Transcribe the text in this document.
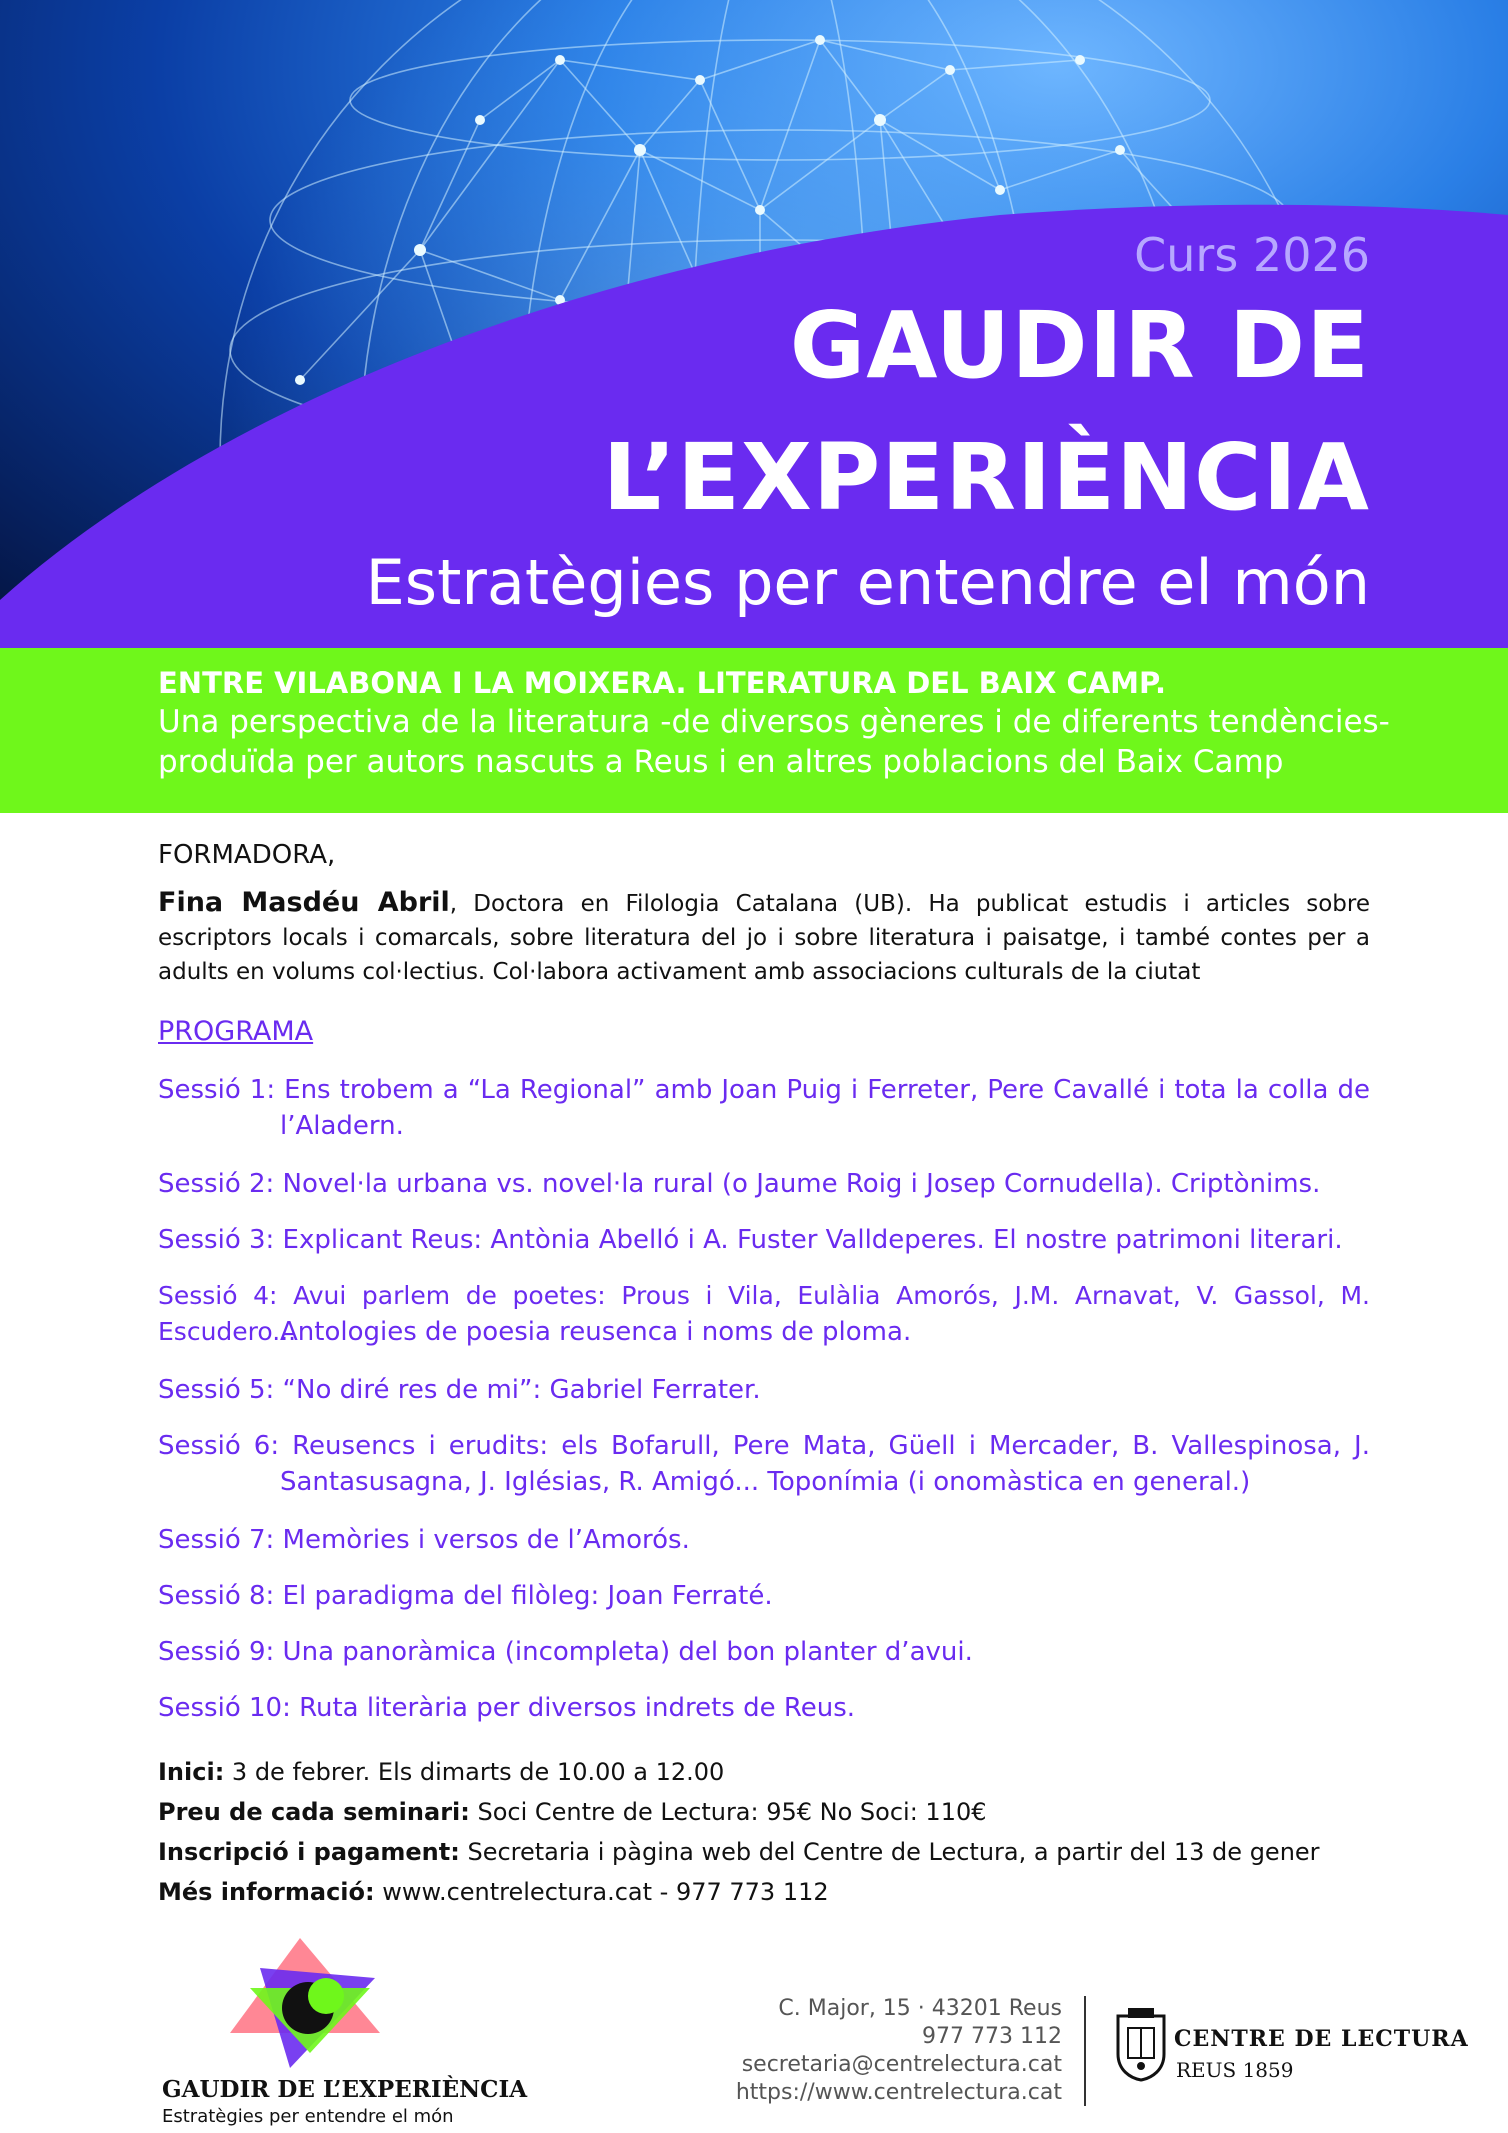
Curs 2026
GAUDIR DE
L’EXPERIÈNCIA
Estratègies per entendre el món
ENTRE VILABONA I LA MOIXERA. LITERATURA DEL BAIX CAMP.
Una perspectiva de la literatura -de diversos gèneres i de diferents tendències-
produïda per autors nascuts a Reus i en altres poblacions del Baix Camp
FORMADORA,
Fina Masdéu Abril, Doctora en Filologia Catalana (UB). Ha publicat estudis i articles sobre escriptors locals i comarcals, sobre literatura del jo i sobre literatura i paisatge, i també contes per a adults en volums col·lectius. Col·labora activament amb associacions culturals de la ciutat
PROGRAMA
Sessió 1: Ens trobem a “La Regional” amb Joan Puig i Ferreter, Pere Cavallé i tota la colla de
l’Aladern.
Sessió 2: Novel·la urbana vs. novel·la rural (o Jaume Roig i Josep Cornudella). Criptònims.
Sessió 3: Explicant Reus: Antònia Abelló i A. Fuster Valldeperes. El nostre patrimoni literari.
Sessió 4: Avui parlem de poetes: Prous i Vila, Eulàlia Amorós, J.M. Arnavat, V. Gassol, M. Escudero...
Antologies de poesia reusenca i noms de ploma.
Sessió 5: “No diré res de mi”: Gabriel Ferrater.
Sessió 6: Reusencs i erudits: els Bofarull, Pere Mata, Güell i Mercader, B. Vallespinosa, J.
Santasusagna, J. Iglésias, R. Amigó... Toponímia (i onomàstica en general.)
Sessió 7: Memòries i versos de l’Amorós.
Sessió 8: El paradigma del filòleg: Joan Ferraté.
Sessió 9: Una panoràmica (incompleta) del bon planter d’avui.
Sessió 10: Ruta literària per diversos indrets de Reus.
Inici: 3 de febrer. Els dimarts de 10.00 a 12.00
Preu de cada seminari: Soci Centre de Lectura: 95€ No Soci: 110€
Inscripció i pagament: Secretaria i pàgina web del Centre de Lectura, a partir del 13 de gener
Més informació: www.centrelectura.cat - 977 773 112
GAUDIR DE L’EXPERIÈNCIA
Estratègies per entendre el món
C. Major, 15 · 43201 Reus
977 773 112
secretaria@centrelectura.cat
https://www.centrelectura.cat
CENTRE DE LECTURA
REUS 1859
